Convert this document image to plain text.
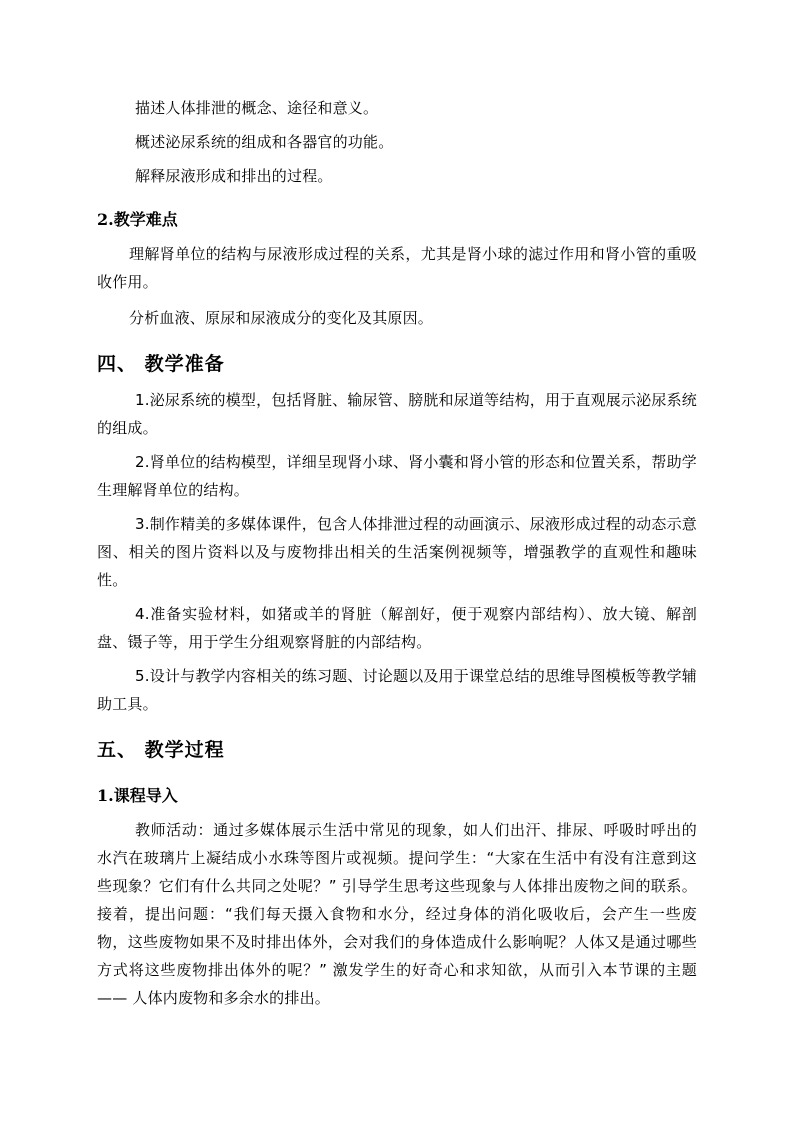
描述人体排泄的概念、途径和意义。

概述泌尿系统的组成和各器官的功能。

解释尿液形成和排出的过程。

2.教学难点

理解肾单位的结构与尿液形成过程的关系，尤其是肾小球的滤过作用和肾小管的重吸收作用。

分析血液、原尿和尿液成分的变化及其原因。

四、 教学准备

1.泌尿系统的模型，包括肾脏、输尿管、膀胱和尿道等结构，用于直观展示泌尿系统的组成。

2.肾单位的结构模型，详细呈现肾小球、肾小囊和肾小管的形态和位置关系，帮助学生理解肾单位的结构。

3.制作精美的多媒体课件，包含人体排泄过程的动画演示、尿液形成过程的动态示意图、相关的图片资料以及与废物排出相关的生活案例视频等，增强教学的直观性和趣味性。

4.准备实验材料，如猪或羊的肾脏（解剖好，便于观察内部结构）、放大镜、解剖盘、镊子等，用于学生分组观察肾脏的内部结构。

5.设计与教学内容相关的练习题、讨论题以及用于课堂总结的思维导图模板等教学辅助工具。

五、 教学过程
1.课程导入

教师活动：通过多媒体展示生活中常见的现象，如人们出汗、排尿、呼吸时呼出的水汽在玻璃片上凝结成小水珠等图片或视频。提问学生：“大家在生活中有没有注意到这些现象？它们有什么共同之处呢？” 引导学生思考这些现象与人体排出废物之间的联系。接着，提出问题：“我们每天摄入食物和水分，经过身体的消化吸收后，会产生一些废物，这些废物如果不及时排出体外，会对我们的身体造成什么影响呢？人体又是通过哪些方式将这些废物排出体外的呢？” 激发学生的好奇心和求知欲，从而引入本节课的主题 —— 人体内废物和多余水的排出。
